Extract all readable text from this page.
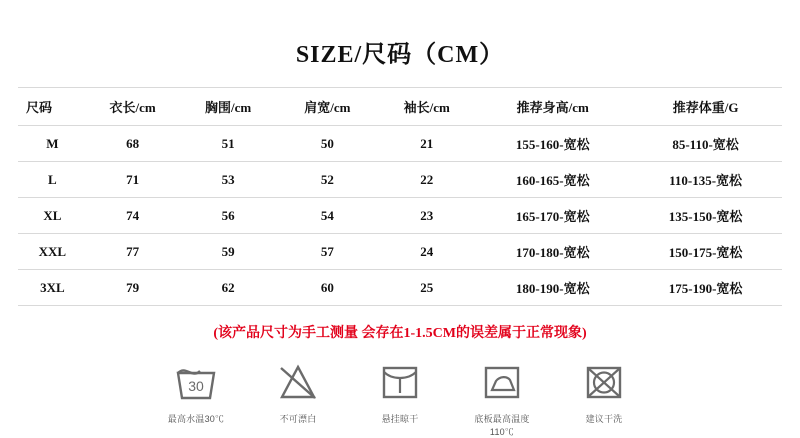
SIZE/尺码（CM）
尺码	衣长/cm	胸围/cm	肩宽/cm	袖长/cm	推荐身高/cm	推荐体重/G
M	68	51	50	21	155-160-宽松	85-110-宽松
L	71	53	52	22	160-165-宽松	110-135-宽松
XL	74	56	54	23	165-170-宽松	135-150-宽松
XXL	77	59	57	24	170-180-宽松	150-175-宽松
3XL	79	62	60	25	180-190-宽松	175-190-宽松
(该产品尺寸为手工测量 会存在1-1.5CM的误差属于正常现象)
30
最高水温30℃	不可漂白	悬挂晾干	底板最高温度110℃
建议干洗
